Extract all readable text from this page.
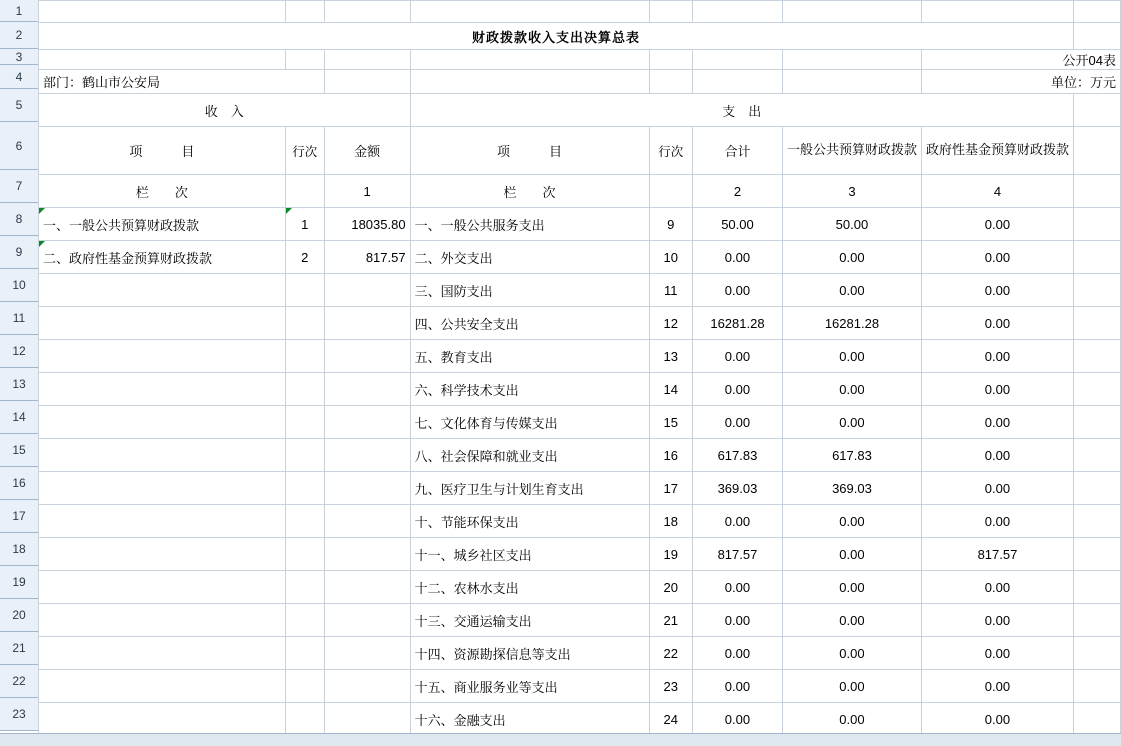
1
2
3
4
5
6
7
8
9
10
11
12
13
14
15
16
17
18
19
20
21
22
23

财政拨款收入支出决算总表								
							公开04表	
部门：鹤山市公安局							单位：万元	
收　入			支　出					
项　　　目	行次	金额	项　　　目	行次	合计	一般公共预算财政拨款	政府性基金预算财政拨款	
栏　　次		1	栏　　次		2	3	4	
一、一般公共预算财政拨款	1	18035.80	一、一般公共服务支出	9	50.00	50.00	0.00	
二、政府性基金预算财政拨款	2	817.57	二、外交支出	10	0.00	0.00	0.00	
			三、国防支出	11	0.00	0.00	0.00	
			四、公共安全支出	12	16281.28	16281.28	0.00	
			五、教育支出	13	0.00	0.00	0.00	
			六、科学技术支出	14	0.00	0.00	0.00	
			七、文化体育与传媒支出	15	0.00	0.00	0.00	
			八、社会保障和就业支出	16	617.83	617.83	0.00	
			九、医疗卫生与计划生育支出	17	369.03	369.03	0.00	
			十、节能环保支出	18	0.00	0.00	0.00	
			十一、城乡社区支出	19	817.57	0.00	817.57	
			十二、农林水支出	20	0.00	0.00	0.00	
			十三、交通运输支出	21	0.00	0.00	0.00	
			十四、资源勘探信息等支出	22	0.00	0.00	0.00	
			十五、商业服务业等支出	23	0.00	0.00	0.00	
			十六、金融支出	24	0.00	0.00	0.00	
